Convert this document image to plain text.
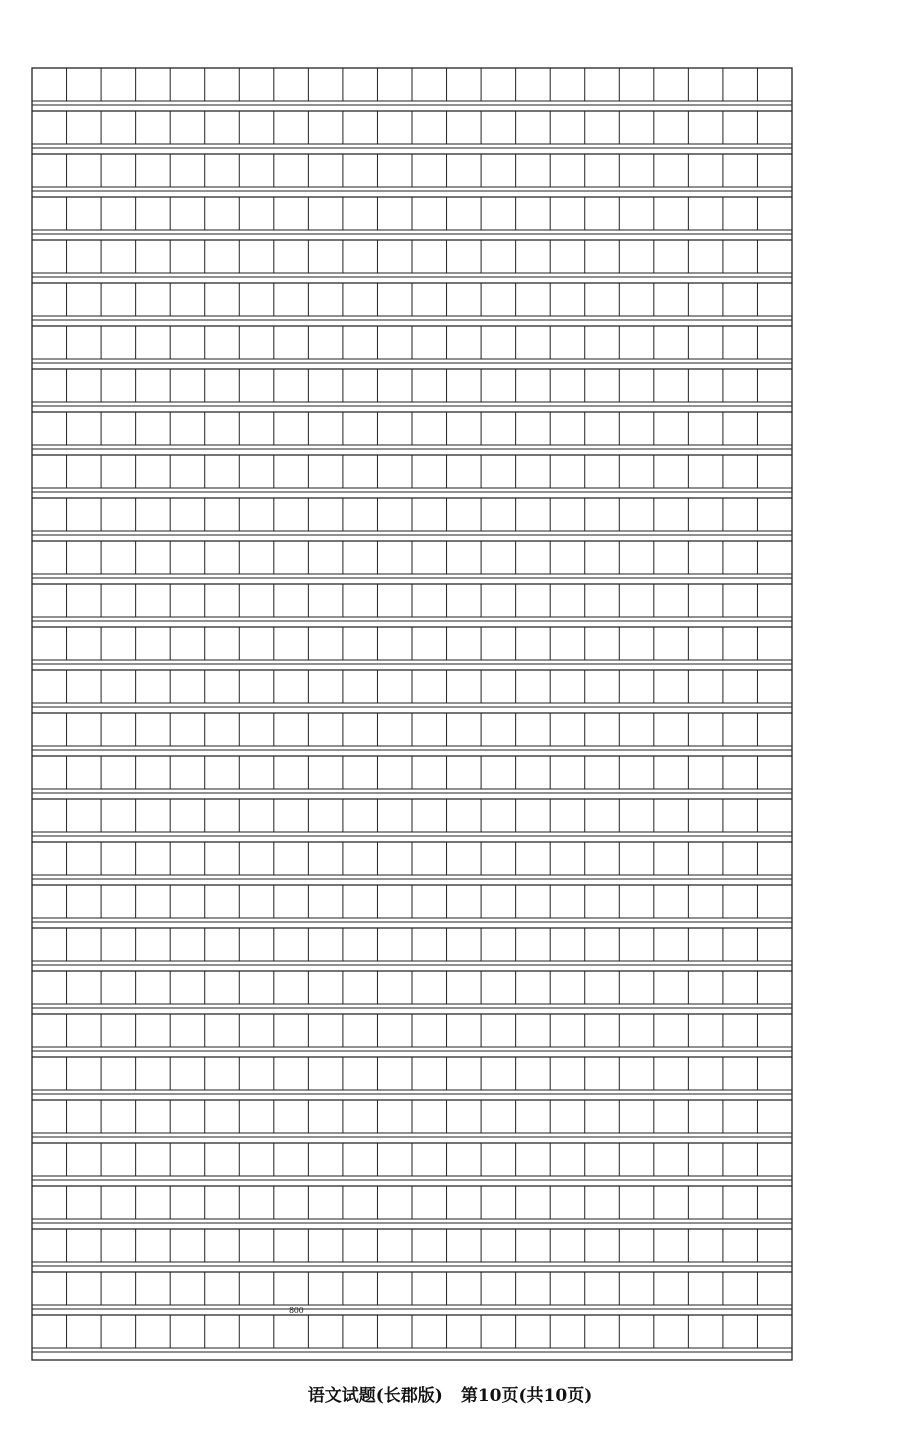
800
语文试题(长郡版) 第10页(共10页)
